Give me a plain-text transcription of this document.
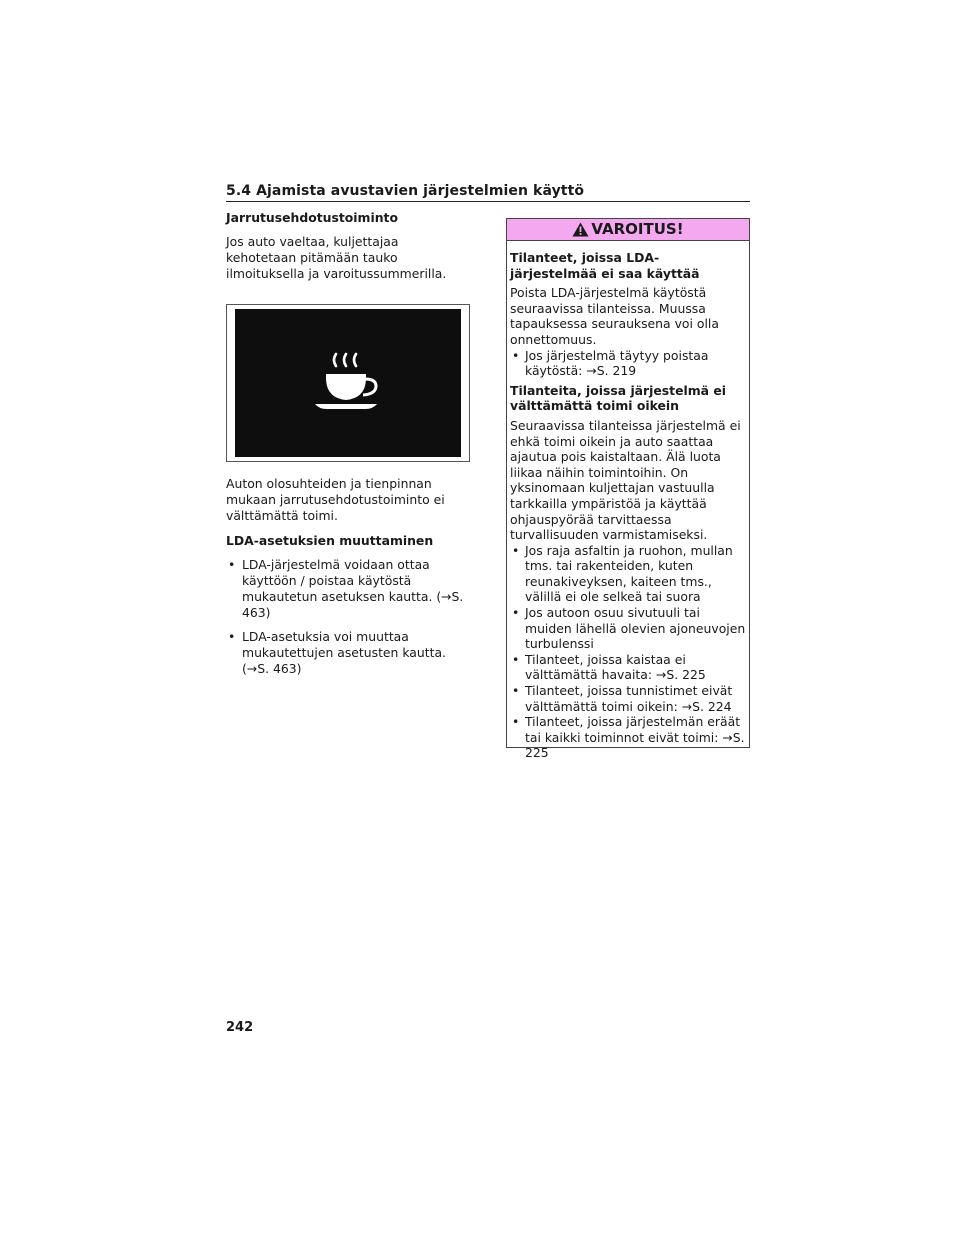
5.4 Ajamista avustavien järjestelmien käyttö
Jarrutusehdotustoiminto

Jos auto vaeltaa, kuljettajaa kehotetaan pitämään tauko ilmoituksella ja varoitussummerilla.

Auton olosuhteiden ja tienpinnan mukaan jarrutusehdotustoiminto ei välttämättä toimi.

LDA-asetuksien muuttaminen
• LDA-järjestelmä voidaan ottaa käyttöön / poistaa käytöstä mukautetun asetuksen kautta. (→S. 463)
• LDA-asetuksia voi muuttaa mukautettujen asetusten kautta. (→S. 463)
VAROITUS!
Tilanteet, joissa LDA-järjestelmää ei saa käyttää

Poista LDA-järjestelmä käytöstä seuraavissa tilanteissa. Muussa tapauksessa seurauksena voi olla onnettomuus.

• Jos järjestelmä täytyy poistaa käytöstä: →S. 219
Tilanteita, joissa järjestelmä ei välttämättä toimi oikein

Seuraavissa tilanteissa järjestelmä ei ehkä toimi oikein ja auto saattaa ajautua pois kaistaltaan. Älä luota liikaa näihin toimintoihin. On yksinomaan kuljettajan vastuulla tarkkailla ympäristöä ja käyttää ohjauspyörää tarvittaessa turvallisuuden varmistamiseksi.

• Jos raja asfaltin ja ruohon, mullan tms. tai rakenteiden, kuten reunakiveyksen, kaiteen tms., välillä ei ole selkeä tai suora
• Jos autoon osuu sivutuuli tai muiden lähellä olevien ajoneuvojen turbulenssi
• Tilanteet, joissa kaistaa ei välttämättä havaita: →S. 225
• Tilanteet, joissa tunnistimet eivät välttämättä toimi oikein: →S. 224
• Tilanteet, joissa järjestelmän eräät tai kaikki toiminnot eivät toimi: →S. 225
242
